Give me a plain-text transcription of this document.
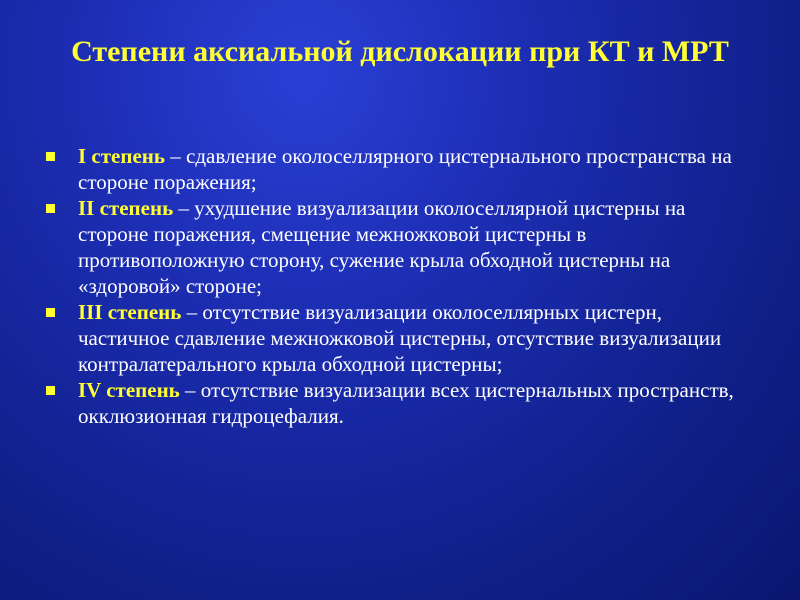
Степени аксиальной дислокации при КТ и МРТ
I степень – сдавление околоселлярного цистернального пространства на стороне поражения;
II степень – ухудшение визуализации околоселлярной цистерны на стороне поражения, смещение межножковой цистерны в противоположную сторону, сужение крыла обходной цистерны на «здоровой» стороне;
III степень – отсутствие визуализации околоселлярных цистерн, частичное сдавление межножковой цистерны, отсутствие визуализации контралатерального крыла обходной цистерны;
IV степень – отсутствие визуализации всех цистернальных пространств, окклюзионная гидроцефалия.
